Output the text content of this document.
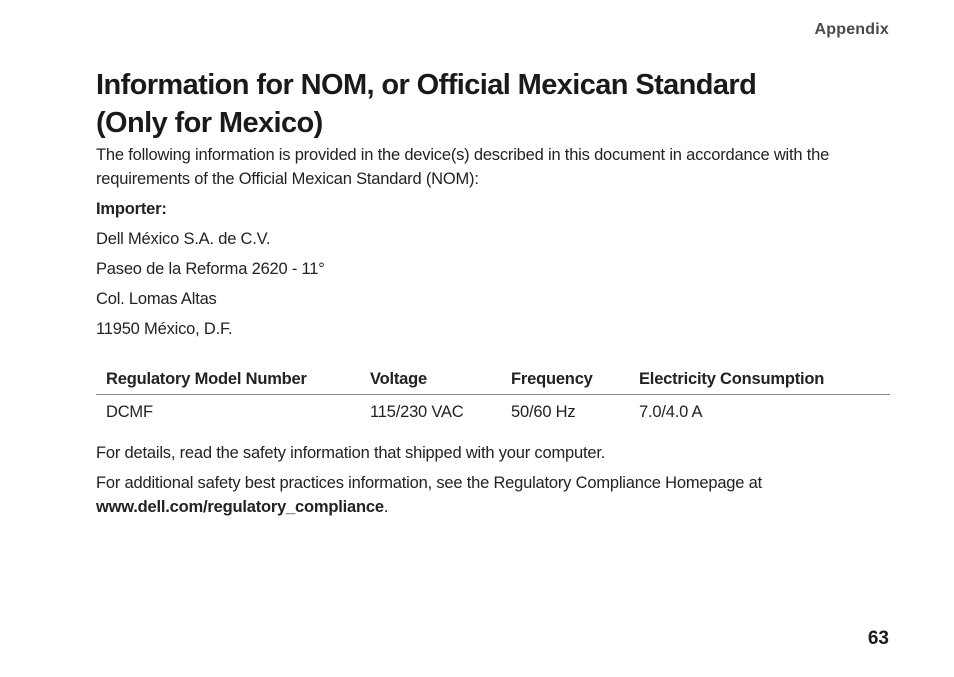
Appendix
Information for NOM, or Official Mexican Standard
(Only for Mexico)
The following information is provided in the device(s) described in this document in accordance with the requirements of the Official Mexican Standard (NOM):
Importer:
Dell México S.A. de C.V.
Paseo de la Reforma 2620 - 11°
Col. Lomas Altas
11950 México, D.F.
Regulatory Model Number	Voltage	Frequency	Electricity Consumption
DCMF	115/230 VAC	50/60 Hz	7.0/4.0 A
For details, read the safety information that shipped with your computer.
For additional safety best practices information, see the Regulatory Compliance Homepage at www.dell.com/regulatory_compliance.
63
